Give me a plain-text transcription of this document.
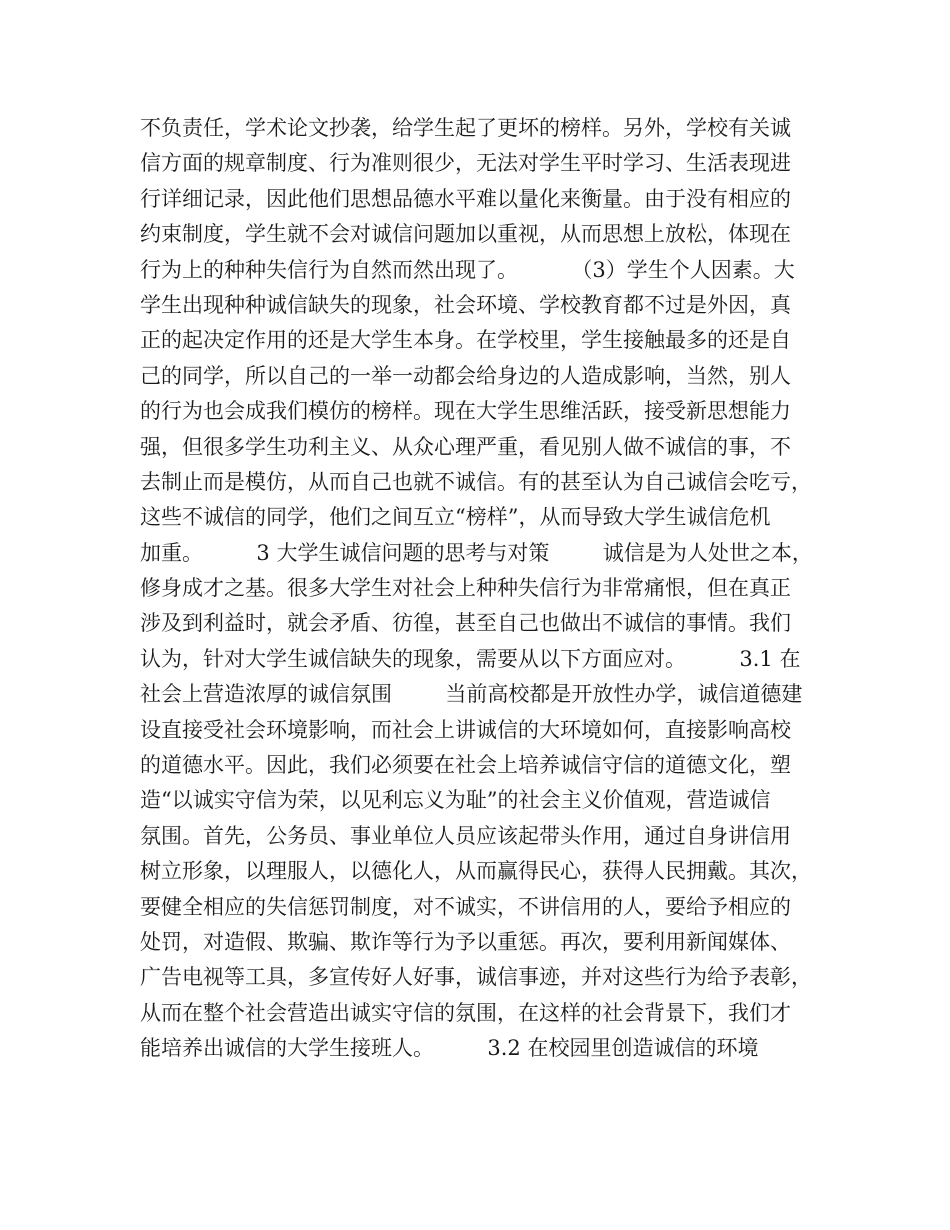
不负责任，学术论文抄袭，给学生起了更坏的榜样。另外，学校有关诚
信方面的规章制度、行为准则很少，无法对学生平时学习、生活表现进
行详细记录，因此他们思想品德水平难以量化来衡量。由于没有相应的
约束制度，学生就不会对诚信问题加以重视，从而思想上放松，体现在
行为上的种种失信行为自然而然出现了。        （3）学生个人因素。大
学生出现种种诚信缺失的现象，社会环境、学校教育都不过是外因，真
正的起决定作用的还是大学生本身。在学校里，学生接触最多的还是自
己的同学，所以自己的一举一动都会给身边的人造成影响，当然，别人
的行为也会成我们模仿的榜样。现在大学生思维活跃，接受新思想能力
强，但很多学生功利主义、从众心理严重，看见别人做不诚信的事，不
去制止而是模仿，从而自己也就不诚信。有的甚至认为自己诚信会吃亏，
这些不诚信的同学，他们之间互立“榜样”，从而导致大学生诚信危机
加重。        3 大学生诚信问题的思考与对策        诚信是为人处世之本，
修身成才之基。很多大学生对社会上种种失信行为非常痛恨，但在真正
涉及到利益时，就会矛盾、彷徨，甚至自己也做出不诚信的事情。我们
认为，针对大学生诚信缺失的现象，需要从以下方面应对。        3.1 在
社会上营造浓厚的诚信氛围        当前高校都是开放性办学，诚信道德建
设直接受社会环境影响，而社会上讲诚信的大环境如何，直接影响高校
的道德水平。因此，我们必须要在社会上培养诚信守信的道德文化，塑
造“以诚实守信为荣，以见利忘义为耻”的社会主义价值观，营造诚信
氛围。首先，公务员、事业单位人员应该起带头作用，通过自身讲信用
树立形象，以理服人，以德化人，从而赢得民心，获得人民拥戴。其次，
要健全相应的失信惩罚制度，对不诚实，不讲信用的人，要给予相应的
处罚，对造假、欺骗、欺诈等行为予以重惩。再次，要利用新闻媒体、
广告电视等工具，多宣传好人好事，诚信事迹，并对这些行为给予表彰，
从而在整个社会营造出诚实守信的氛围，在这样的社会背景下，我们才
能培养出诚信的大学生接班人。        3.2 在校园里创造诚信的环境
